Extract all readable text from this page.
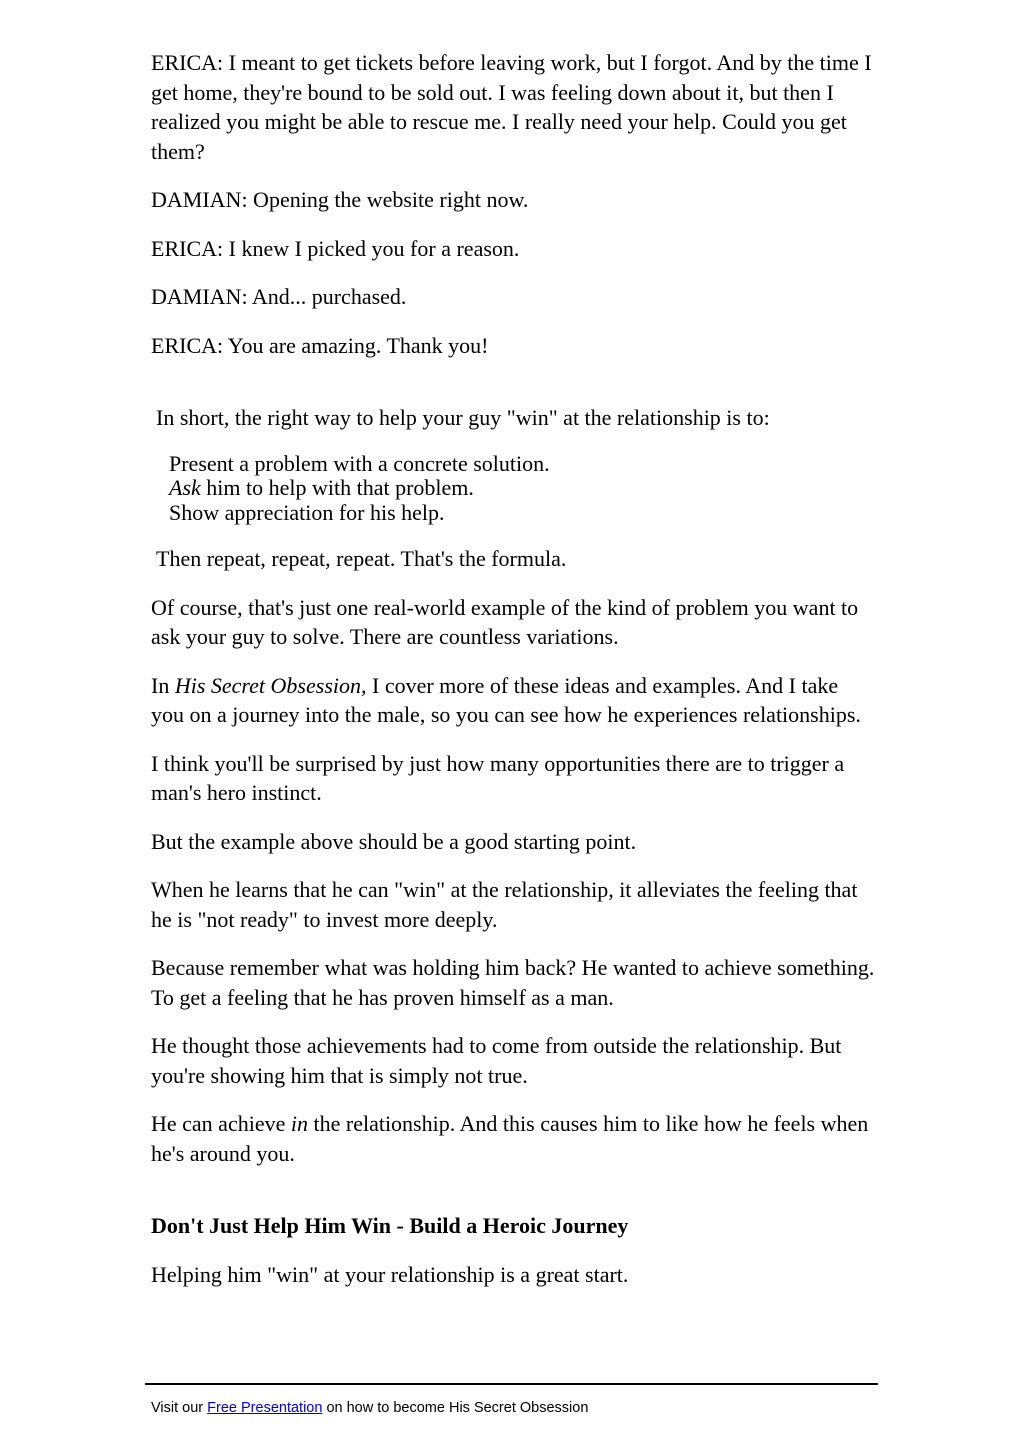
ERICA: I meant to get tickets before leaving work, but I forgot. And by the time I get home, they're bound to be sold out. I was feeling down about it, but then I realized you might be able to rescue me. I really need your help. Could you get them?

DAMIAN: Opening the website right now.

ERICA: I knew I picked you for a reason.

DAMIAN: And... purchased.

ERICA: You are amazing. Thank you!

In short, the right way to help your guy "win" at the relationship is to:

Present a problem with a concrete solution.
Ask him to help with that problem.
Show appreciation for his help.

Then repeat, repeat, repeat. That's the formula.

Of course, that's just one real-world example of the kind of problem you want to ask your guy to solve. There are countless variations.

In His Secret Obsession, I cover more of these ideas and examples. And I take you on a journey into the male, so you can see how he experiences relationships.

I think you'll be surprised by just how many opportunities there are to trigger a man's hero instinct.

But the example above should be a good starting point.

When he learns that he can "win" at the relationship, it alleviates the feeling that he is "not ready" to invest more deeply.

Because remember what was holding him back? He wanted to achieve something. To get a feeling that he has proven himself as a man.

He thought those achievements had to come from outside the relationship. But you're showing him that is simply not true.

He can achieve in the relationship. And this causes him to like how he feels when he's around you.

Don't Just Help Him Win - Build a Heroic Journey

Helping him "win" at your relationship is a great start.

Visit our Free Presentation on how to become His Secret Obsession
